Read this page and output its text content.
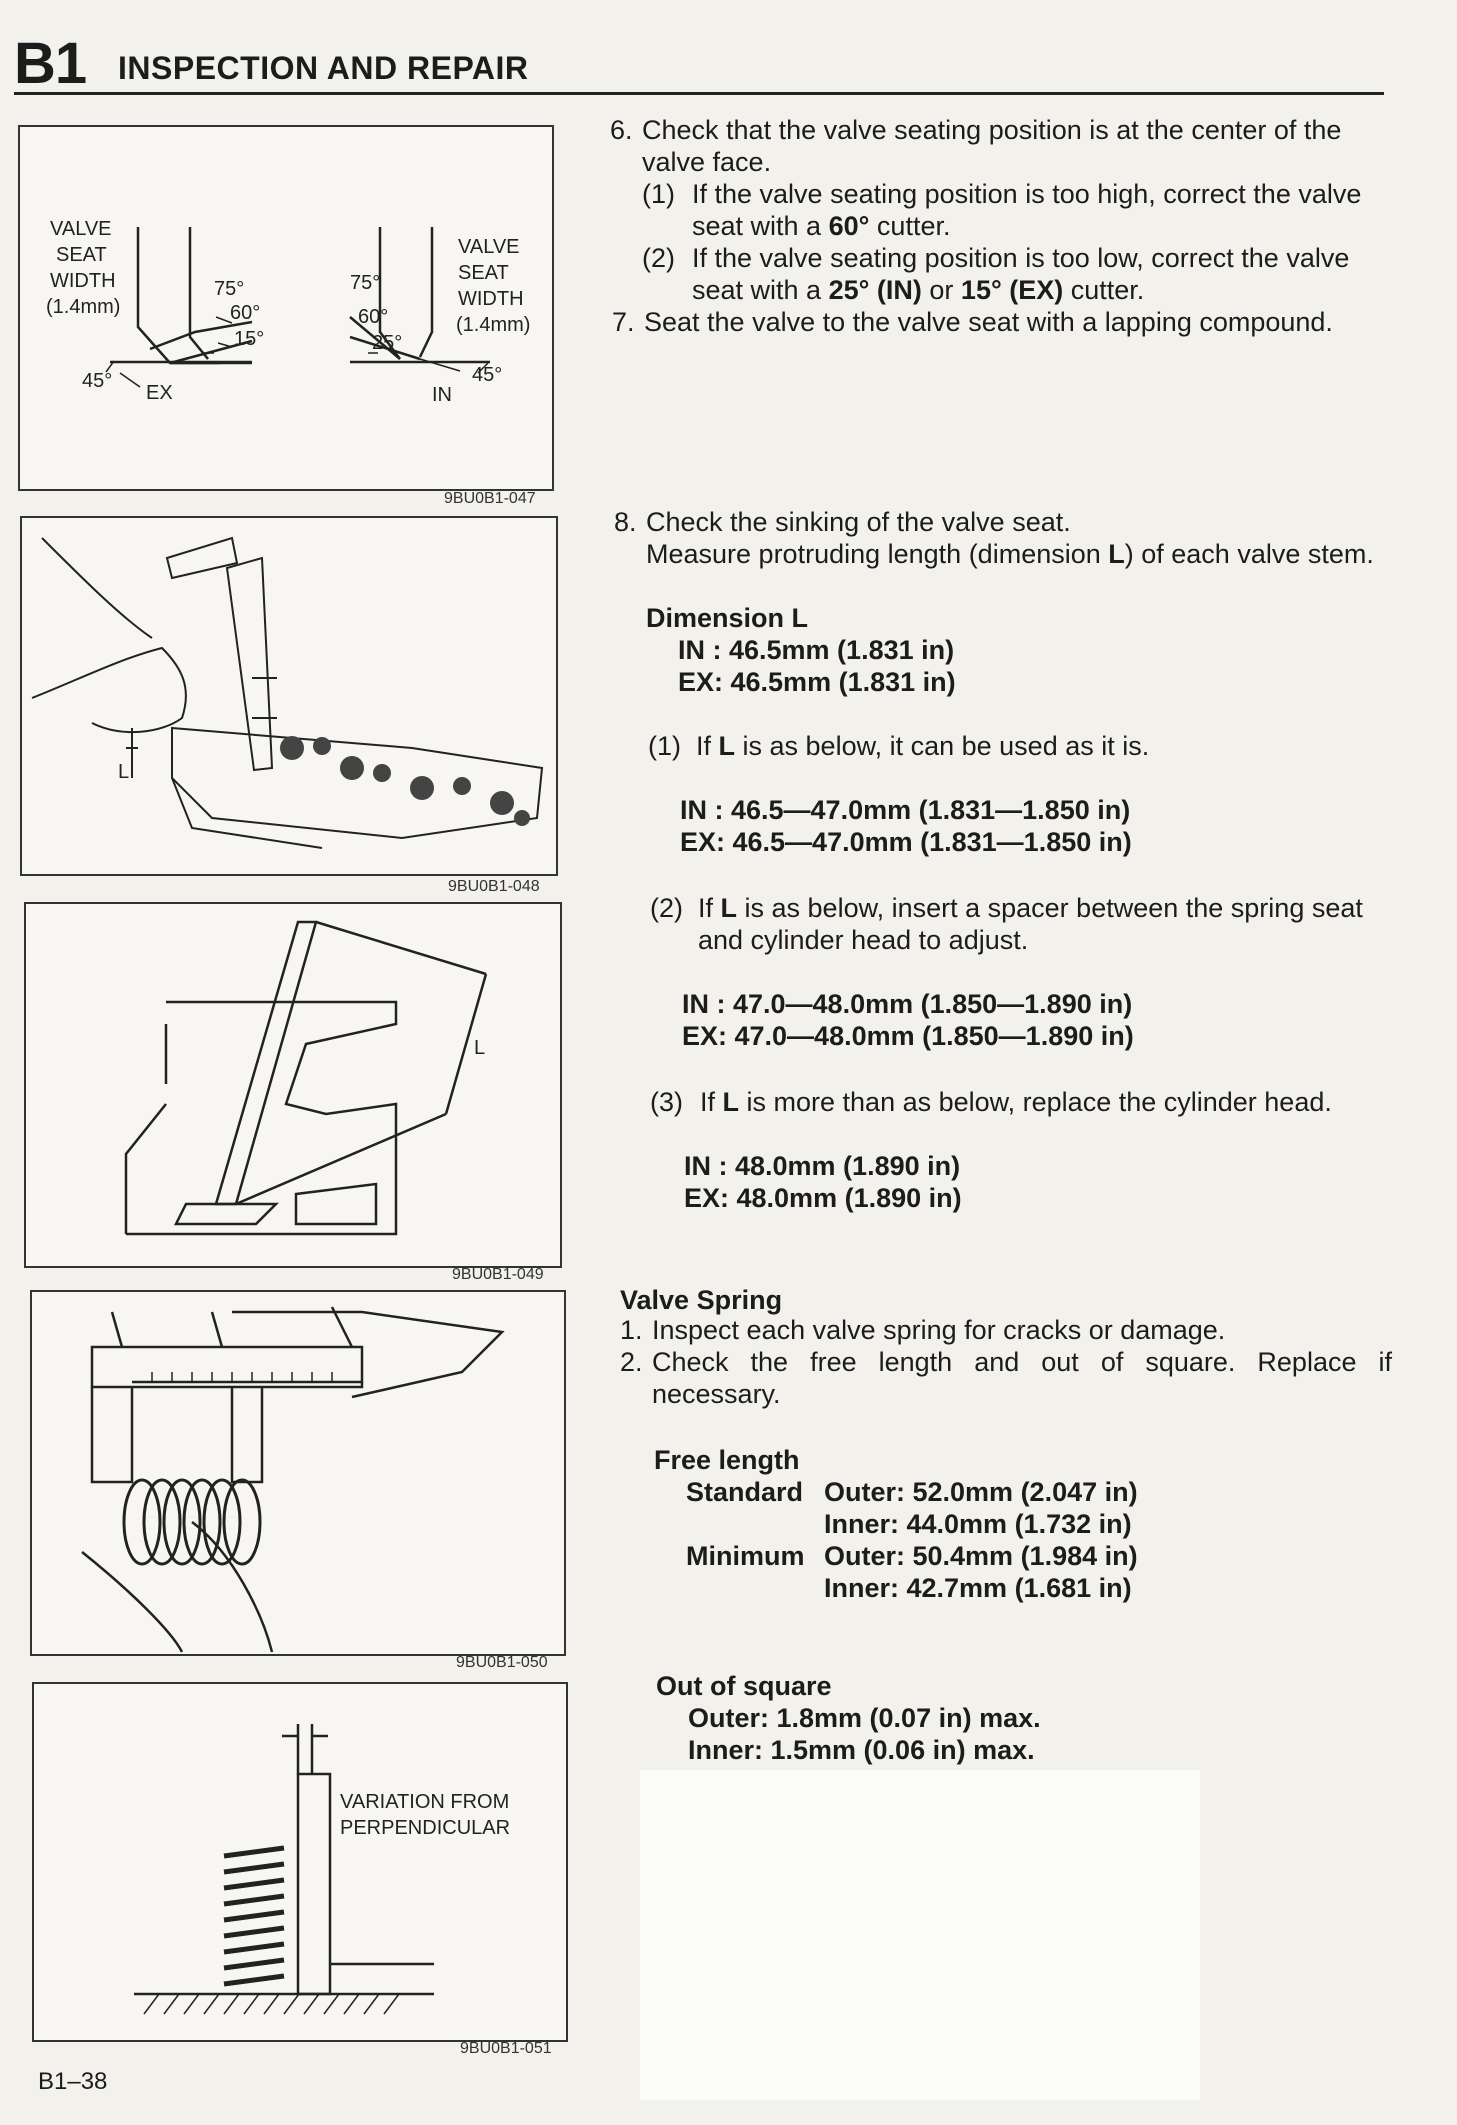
B1 INSPECTION AND REPAIR
VALVE
SEAT
WIDTH
(1.4mm)
75°
60°
15°
45°
EX
VALVE
SEAT
WIDTH
(1.4mm)
75°
60°
25°
45°
IN
9BU0B1-047
L
9BU0B1-048
L
9BU0B1-049
9BU0B1-050
VARIATION FROM
PERPENDICULAR
9BU0B1-051
6. Check that the valve seating position is at the center of the
valve face.
(1) If the valve seating position is too high, correct the valve
seat with a 60° cutter.
(2) If the valve seating position is too low, correct the valve
seat with a 25° (IN) or 15° (EX) cutter.
7. Seat the valve to the valve seat with a lapping compound.
8. Check the sinking of the valve seat.
Measure protruding length (dimension L) of each valve stem.
Dimension L
IN : 46.5mm (1.831 in)
EX: 46.5mm (1.831 in)
(1) If L is as below, it can be used as it is.
IN : 46.5—47.0mm (1.831—1.850 in)
EX: 46.5—47.0mm (1.831—1.850 in)
(2) If L is as below, insert a spacer between the spring seat
and cylinder head to adjust.
IN : 47.0—48.0mm (1.850—1.890 in)
EX: 47.0—48.0mm (1.850—1.890 in)
(3) If L is more than as below, replace the cylinder head.
IN : 48.0mm (1.890 in)
EX: 48.0mm (1.890 in)
Valve Spring
1. Inspect each valve spring for cracks or damage.
2. Check the free length and out of square. Replace if
necessary.
Free length
Standard Outer: 52.0mm (2.047 in)
Inner: 44.0mm (1.732 in)
Minimum Outer: 50.4mm (1.984 in)
Inner: 42.7mm (1.681 in)
Out of square
Outer: 1.8mm (0.07 in) max.
Inner: 1.5mm (0.06 in) max.
B1–38
